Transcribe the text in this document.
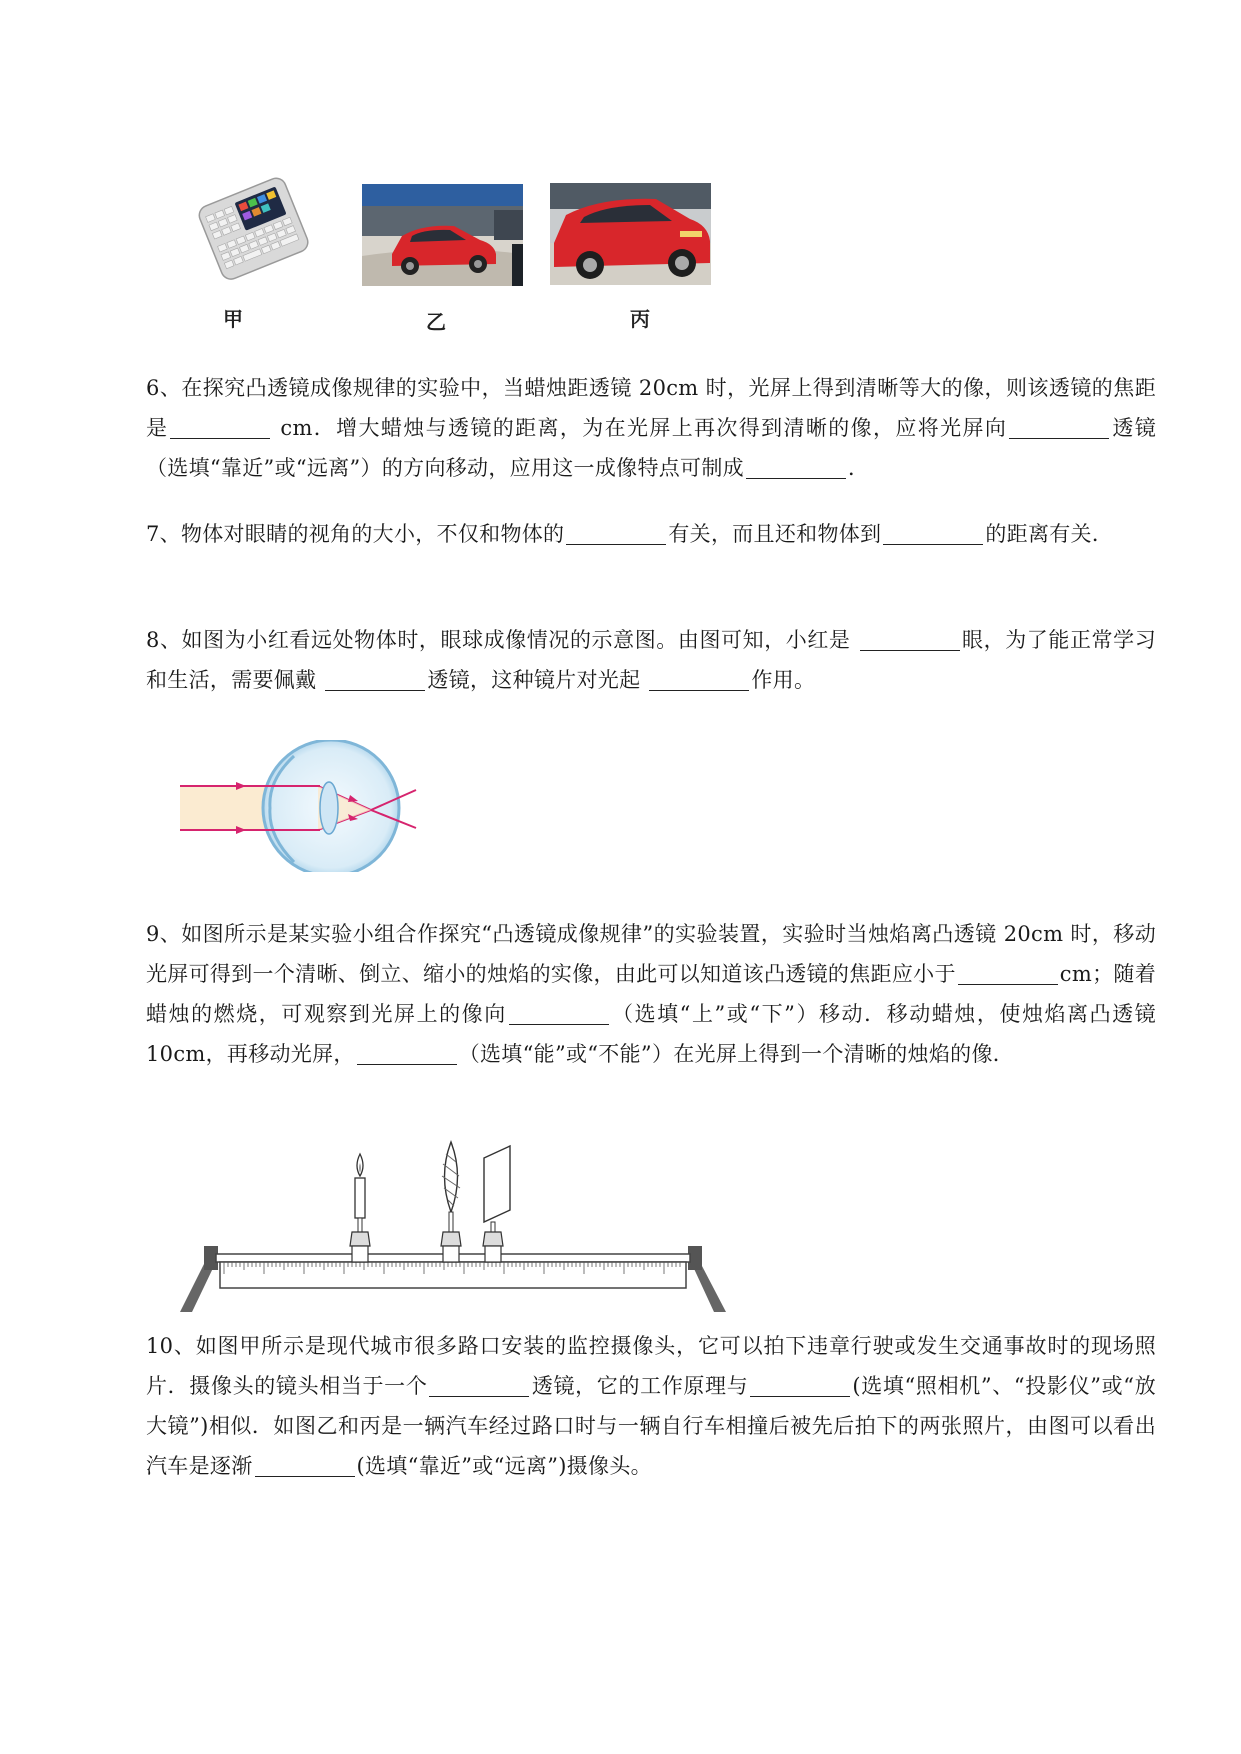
甲	乙	丙
6、在探究凸透镜成像规律的实验中，当蜡烛距透镜 20cm 时，光屏上得到清晰等大的像，则该透镜的焦距是	cm．增大蜡烛与透镜的距离，为在光屏上再次得到清晰的像，应将光屏向	透镜（选填“靠近”或“远离”）的方向移动，应用这一成像特点可制成	．
7、物体对眼睛的视角的大小，不仅和物体的	有关，而且还和物体到	的距离有关．
8、如图为小红看远处物体时，眼球成像情况的示意图。由图可知，小红是	眼，为了能正常学习和生活，需要佩戴	透镜，这种镜片对光起	作用。
9、如图所示是某实验小组合作探究“凸透镜成像规律”的实验装置，实验时当烛焰离凸透镜 20cm 时，移动光屏可得到一个清晰、倒立、缩小的烛焰的实像，由此可以知道该凸透镜的焦距应小于	cm；随着蜡烛的燃烧，可观察到光屏上的像向	（选填“上”或“下”）移动．移动蜡烛，使烛焰离凸透镜 10cm，再移动光屏，	（选填“能”或“不能”）在光屏上得到一个清晰的烛焰的像．
10、如图甲所示是现代城市很多路口安装的监控摄像头，它可以拍下违章行驶或发生交通事故时的现场照片．摄像头的镜头相当于一个	透镜，它的工作原理与	(选填“照相机”、“投影仪”或“放大镜”)相似．如图乙和丙是一辆汽车经过路口时与一辆自行车相撞后被先后拍下的两张照片，由图可以看出汽车是逐渐	(选填“靠近”或“远离”)摄像头。
